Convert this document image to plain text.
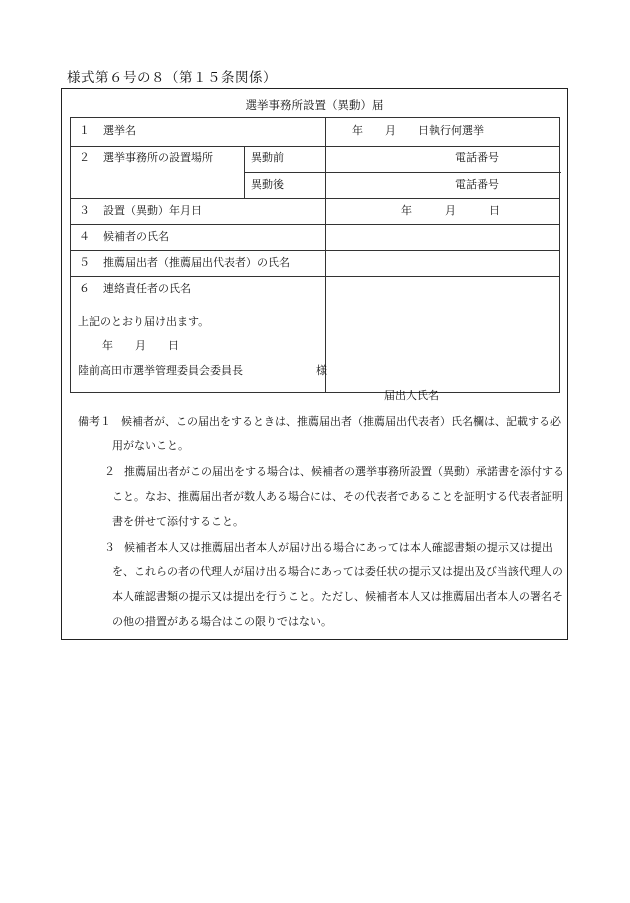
様式第６号の８（第１５条関係）
選挙事務所設置（異動）届
１ 選挙名	年　　月　　日執行何選挙
２ 選挙事務所の設置場所	異動前	電話番号
異動後	電話番号
３ 設置（異動）年月日	年　　　月　　　日
４ 候補者の氏名
５ 推薦届出者（推薦届出代表者）の氏名
６ 連絡責任者の氏名
上記のとおり届け出ます。
年　　月　　日
陸前高田市選挙管理委員会委員長	様
届出人氏名
備考１ 候補者が、この届出をするときは、推薦届出者（推薦届出代表者）氏名欄は、記載する必
用がないこと。
２ 推薦届出者がこの届出をする場合は、候補者の選挙事務所設置（異動）承諾書を添付する
こと。なお、推薦届出者が数人ある場合には、その代表者であることを証明する代表者証明
書を併せて添付すること。
３ 候補者本人又は推薦届出者本人が届け出る場合にあっては本人確認書類の提示又は提出
を、これらの者の代理人が届け出る場合にあっては委任状の提示又は提出及び当該代理人の
本人確認書類の提示又は提出を行うこと。ただし、候補者本人又は推薦届出者本人の署名そ
の他の措置がある場合はこの限りではない。
